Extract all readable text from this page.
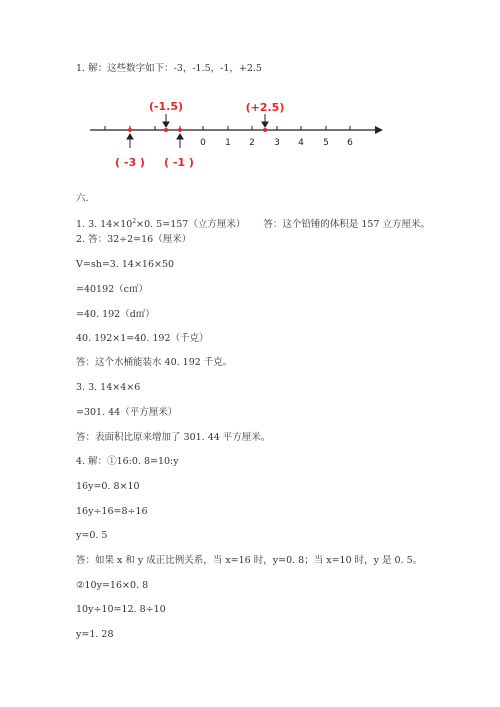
1. 解：这些数字如下：-3，-1.5，-1，+2.5
0 1 2 3 4 5 6
(-1.5)	(+2.5)
( -3 ) ( -1 )
六.
1. 3. $14\times 10^2\times 0$. 5=157（立方厘米） 答：这个铅锤的体积是 157 立方厘米。
2. 答：32÷2=16（厘米）
V=sh=3. 14×16×50
=40192（c㎡）
=40. 192（d㎡）
40. 192×1=40. 192（千克）
答：这个水桶能装水 40. 192 千克。
3. 3. 14×4×6
=301. 44（平方厘米）
答：表面积比原来增加了 301. 44 平方厘米。
4. 解：①16:0. 8=10:y
16y=0. 8×10
16y÷16=8÷16
y=0. 5
答：如果 x 和 y 成正比例关系，当 x=16 时，y=0. 8；当 x=10 时，y 是 0. 5。
②10y=16×0. 8
10y÷10=12. 8÷10
y=1. 28
